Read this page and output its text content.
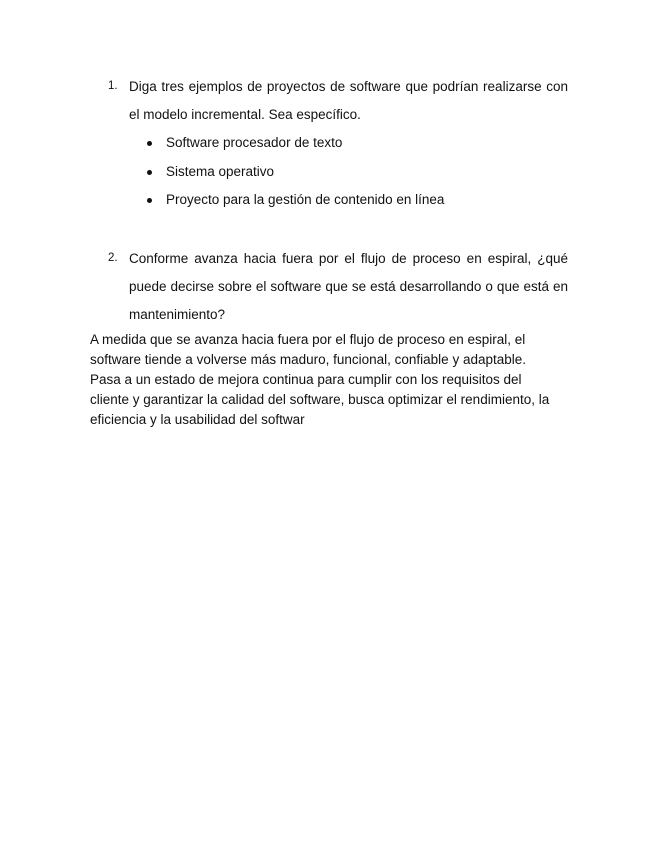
1. Diga tres ejemplos de proyectos de software que podrían realizarse con el modelo incremental. Sea específico.
Software procesador de texto
Sistema operativo
Proyecto para la gestión de contenido en línea
2. Conforme avanza hacia fuera por el flujo de proceso en espiral, ¿qué puede decirse sobre el software que se está desarrollando o que está en mantenimiento?

A medida que se avanza hacia fuera por el flujo de proceso en espiral, el

software tiende a volverse más maduro, funcional, confiable y adaptable.

Pasa a un estado de mejora continua para cumplir con los requisitos del

cliente y garantizar la calidad del software, busca optimizar el rendimiento, la

eficiencia y la usabilidad del softwar
